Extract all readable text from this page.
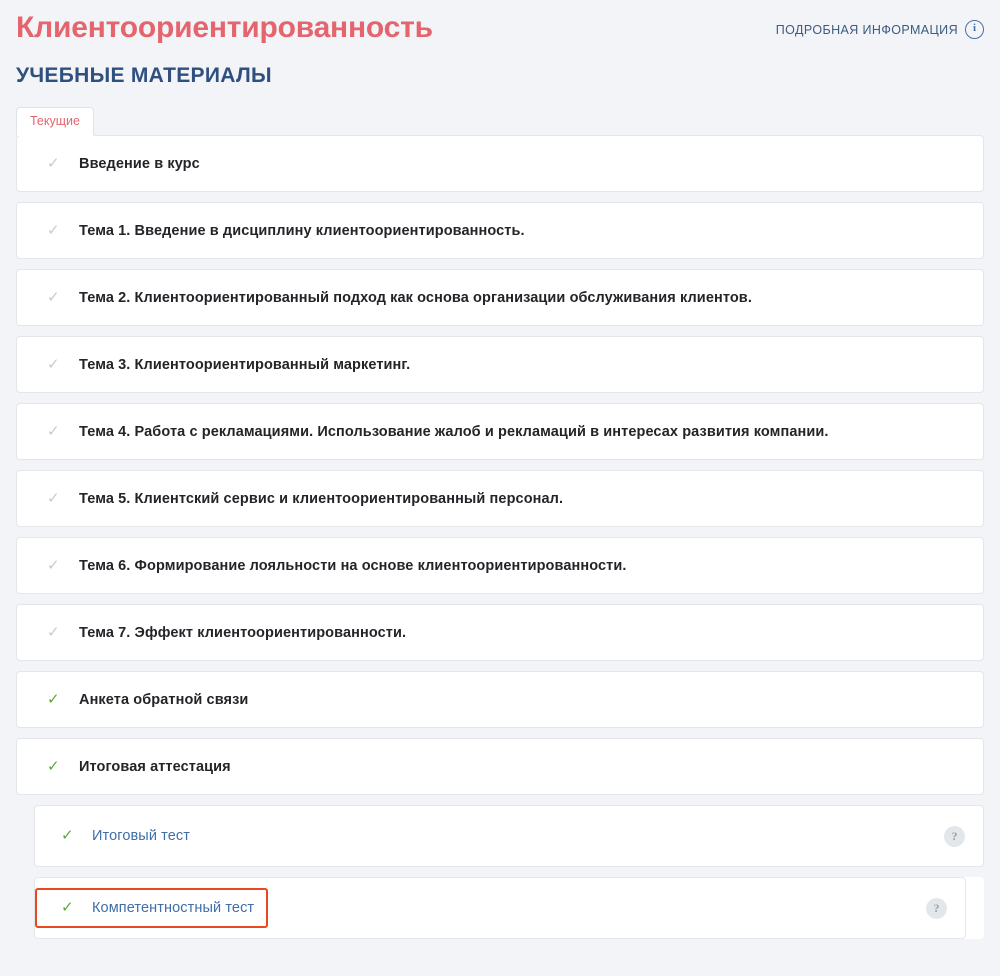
Клиентоориентированность	ПОДРОБНАЯ ИНФОРМАЦИЯ	i
УЧЕБНЫЕ МАТЕРИАЛЫ
Текущие
✓ Введение в курс
✓ Тема 1. Введение в дисциплину клиентоориентированность.
✓ Тема 2. Клиентоориентированный подход как основа организации обслуживания клиентов.
✓ Тема 3. Клиентоориентированный маркетинг.
✓ Тема 4. Работа с рекламациями. Использование жалоб и рекламаций в интересах развития компании.
✓ Тема 5. Клиентский сервис и клиентоориентированный персонал.
✓ Тема 6. Формирование лояльности на основе клиентоориентированности.
✓ Тема 7. Эффект клиентоориентированности.
✓ Анкета обратной связи
✓ Итоговая аттестация
✓ Итоговый тест	?
✓ Компетентностный тест	?
